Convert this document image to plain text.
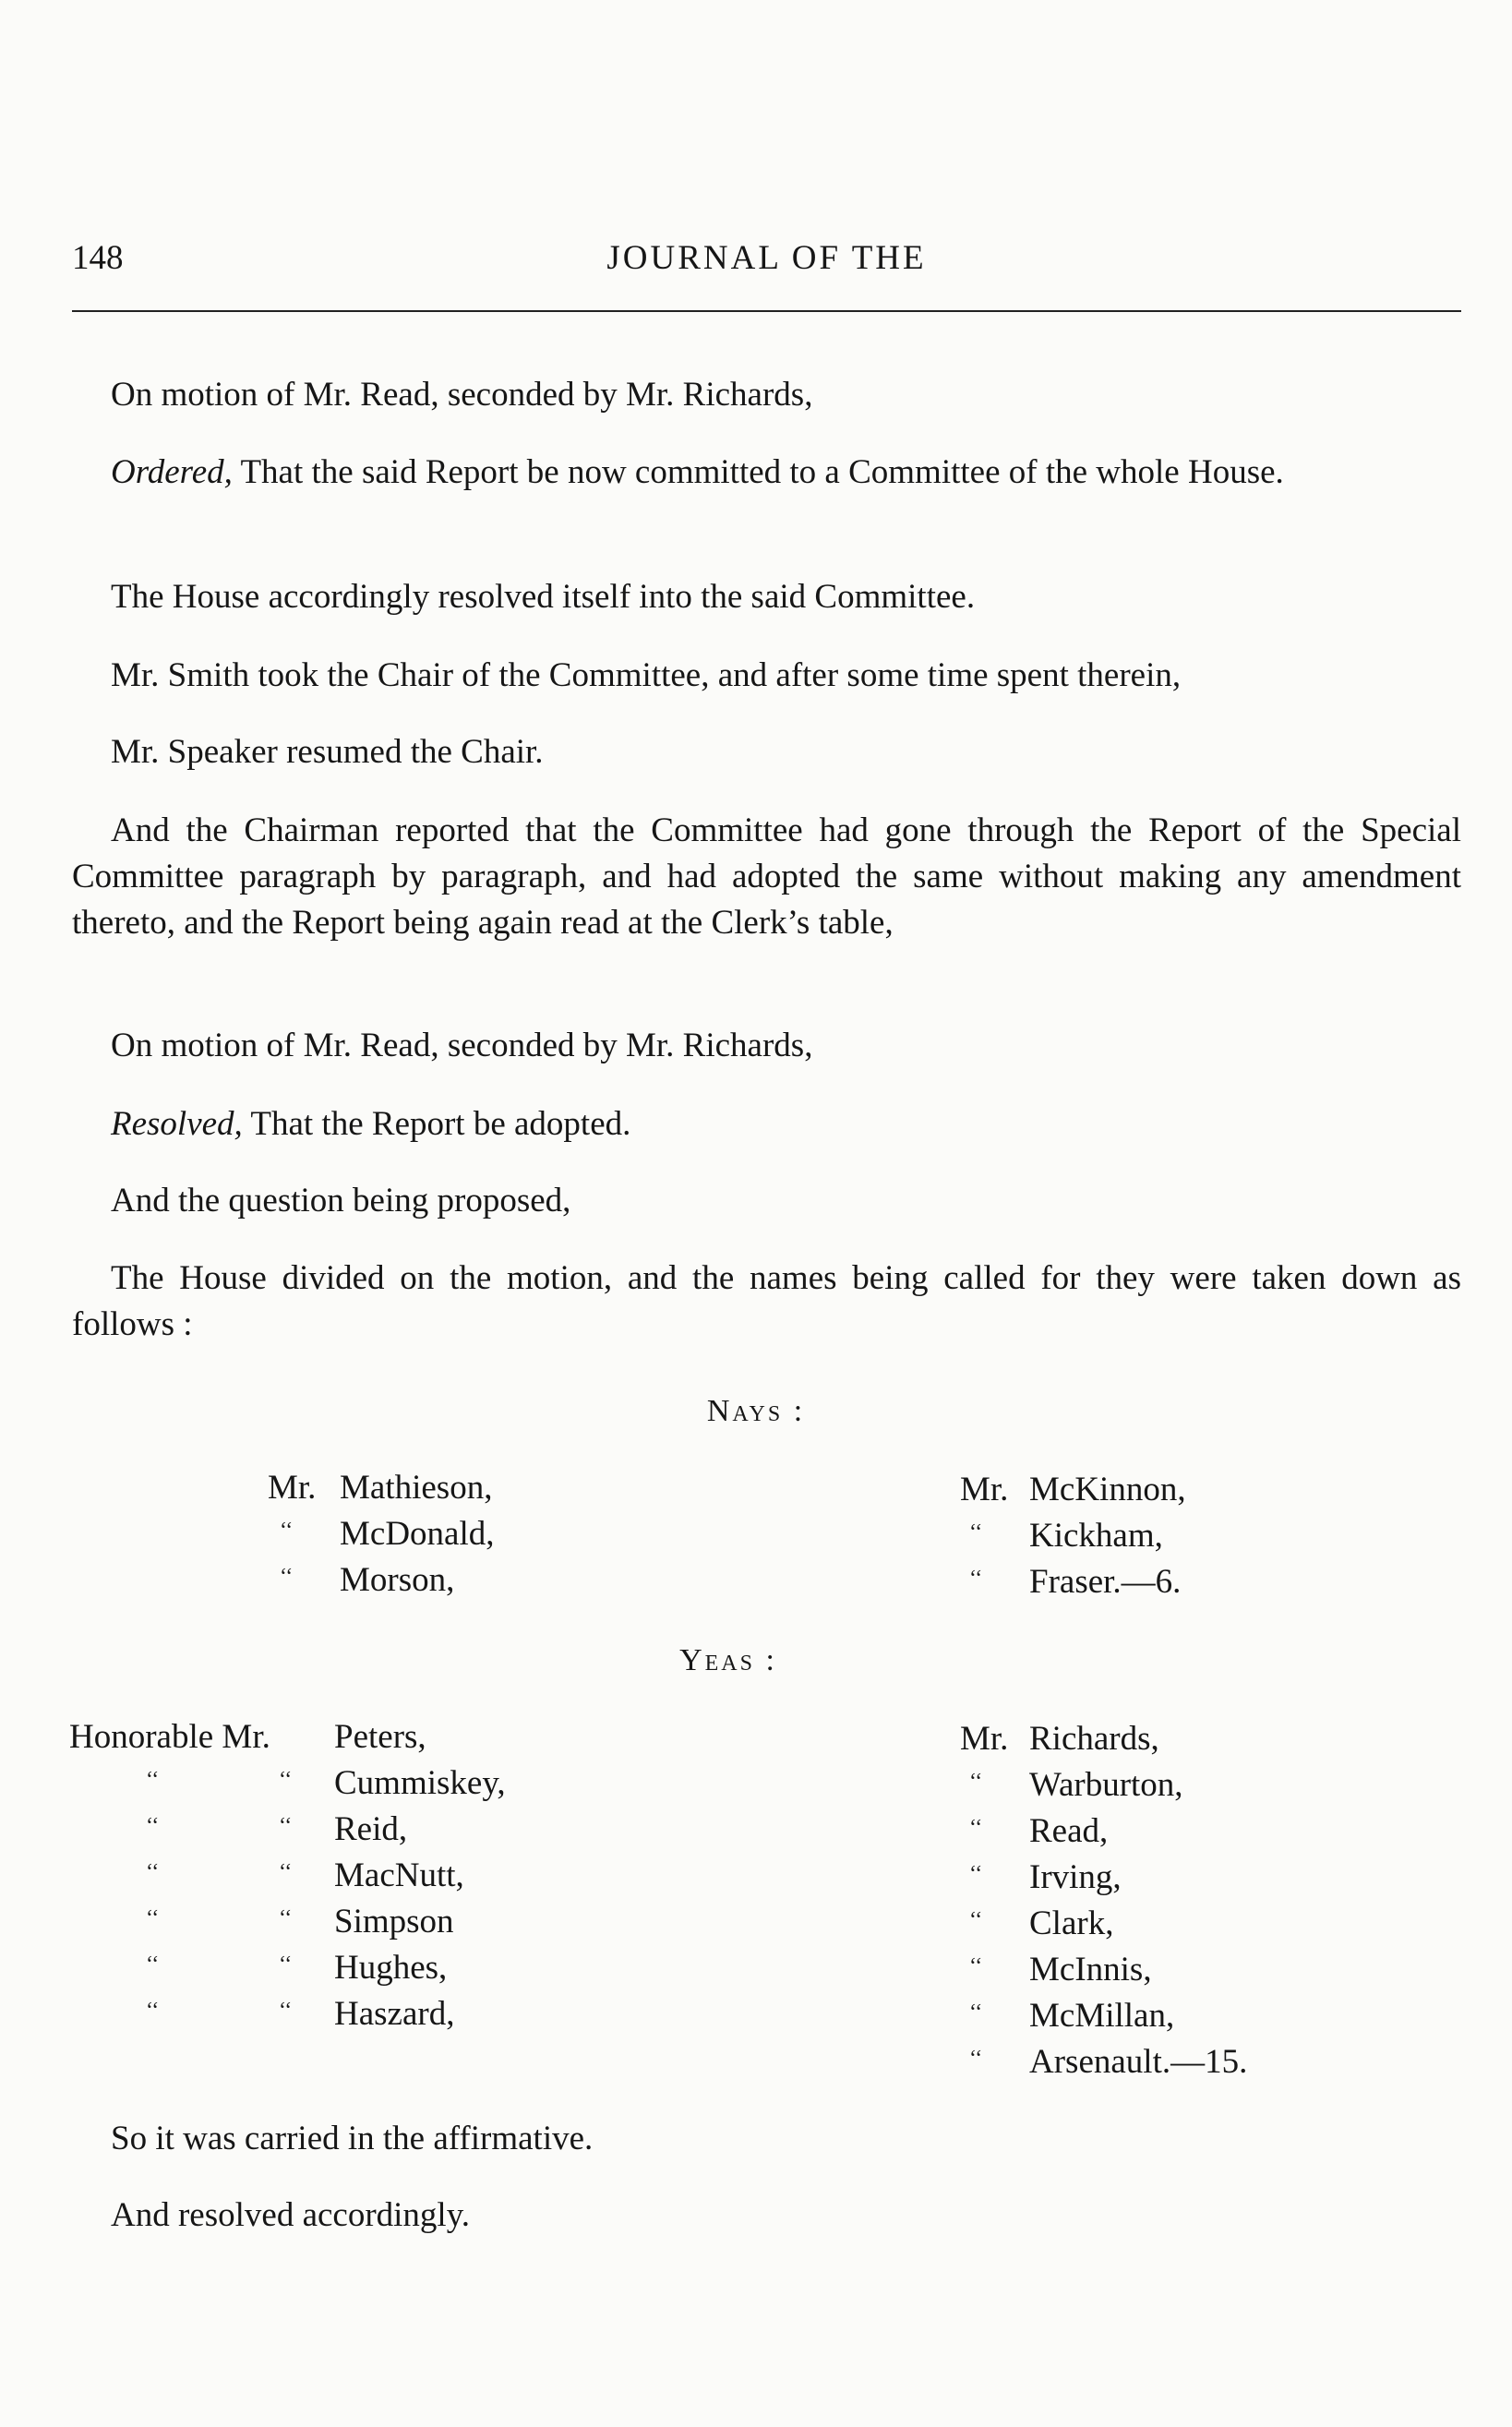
148	JOURNAL OF THE
On motion of Mr. Read, seconded by Mr. Richards,
Ordered, That the said Report be now committed to a Committee of the whole House.
The House accordingly resolved itself into the said Committee.
Mr. Smith took the Chair of the Committee, and after some time spent therein,
Mr. Speaker resumed the Chair.
And the Chairman reported that the Committee had gone through the Report of the Special Committee paragraph by paragraph, and had adopted the same without making any amendment thereto, and the Report being again read at the Clerk’s table,
On motion of Mr. Read, seconded by Mr. Richards,
Resolved, That the Report be adopted.
And the question being proposed,
The House divided on the motion, and the names being called for they were taken down as follows :
Nays :
Mr. Mathieson,
‘‘ McDonald,
‘‘ Morson,
Mr. McKinnon,
‘‘ Kickham,
‘‘ Fraser.—6.
Yeas :
Honorable Mr. Peters,
‘‘	‘‘ Cummiskey,
‘‘	‘‘ Reid,
‘‘	‘‘ MacNutt,
‘‘	‘‘ Simpson
‘‘	‘‘ Hughes,
‘‘	‘‘ Haszard,
Mr. Richards,
‘‘ Warburton,
‘‘ Read,
‘‘ Irving,
‘‘ Clark,
‘‘ McInnis,
‘‘ McMillan,
‘‘ Arsenault.—15.
So it was carried in the affirmative.
And resolved accordingly.
